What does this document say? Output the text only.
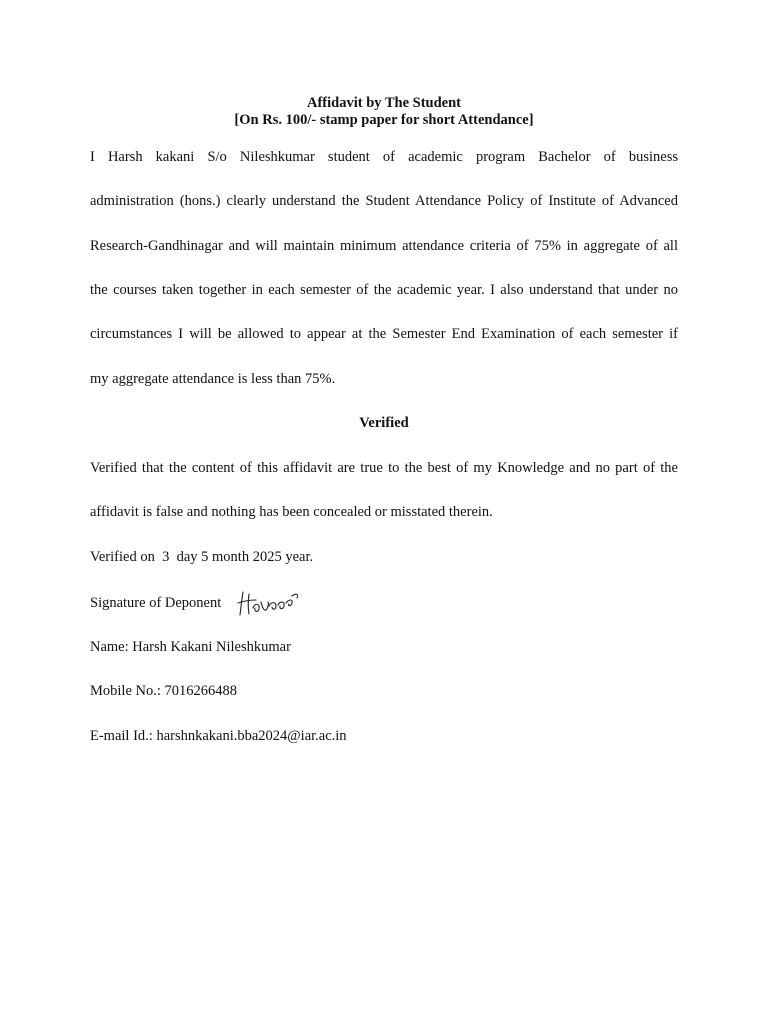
Affidavit by The Student
[On Rs. 100/- stamp paper for short Attendance]
I Harsh kakani S/o Nileshkumar student of academic program Bachelor of business
administration (hons.) clearly understand the Student Attendance Policy of Institute of Advanced
Research-Gandhinagar and will maintain minimum attendance criteria of 75% in aggregate of all
the courses taken together in each semester of the academic year. I also understand that under no
circumstances I will be allowed to appear at the Semester End Examination of each semester if
my aggregate attendance is less than 75%.
Verified
Verified that the content of this affidavit are true to the best of my Knowledge and no part of the
affidavit is false and nothing has been concealed or misstated therein.
Verified on  3  day 5 month 2025 year.
Signature of Deponent
Name: Harsh Kakani Nileshkumar
Mobile No.: 7016266488
E-mail Id.: harshnkakani.bba2024@iar.ac.in
